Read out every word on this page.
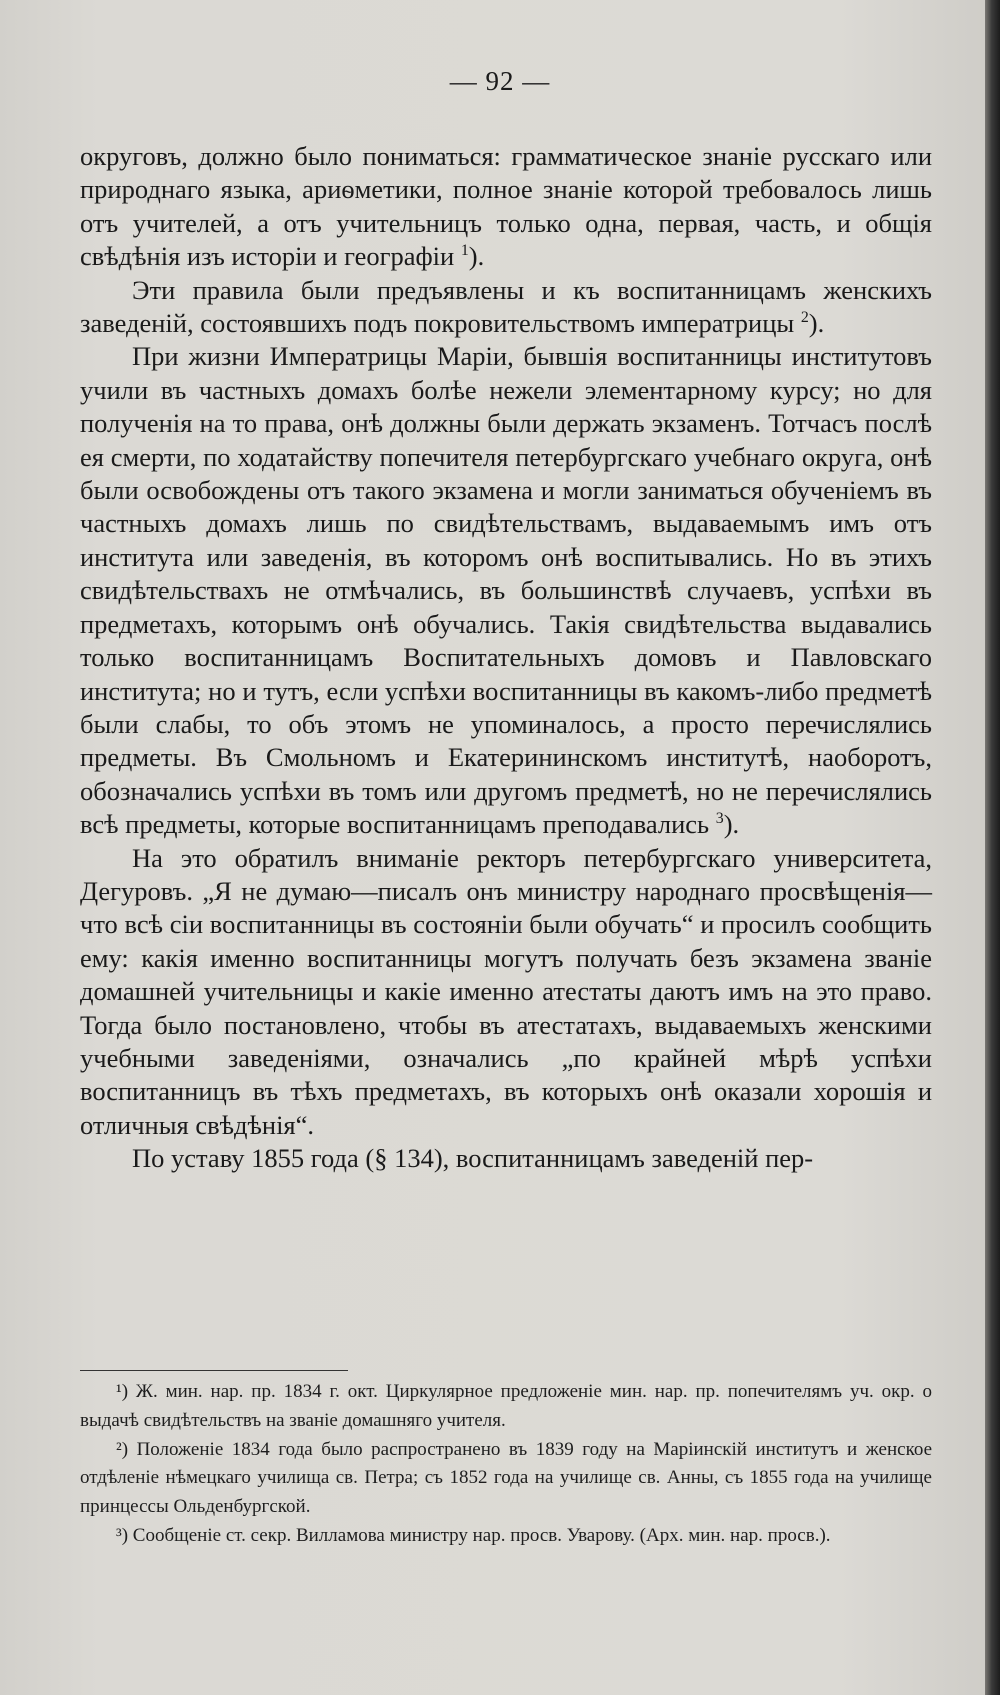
— 92 —

округовъ, должно было пониматься: грамматическое знаніе русскаго или природнаго языка, ариѳметики, полное знаніе которой требовалось лишь отъ учителей, а отъ учительницъ только одна, первая, часть, и общія свѣдѣнія изъ исторіи и географіи $^1$).

Эти правила были предъявлены и къ воспитанницамъ женскихъ заведеній, состоявшихъ подъ покровительствомъ императрицы $^2$).

При жизни Императрицы Маріи, бывшія воспитанницы институтовъ учили въ частныхъ домахъ болѣе нежели элементарному курсу; но для полученія на то права, онѣ должны были держать экзаменъ. Тотчасъ послѣ ея смерти, по ходатайству попечителя петербургскаго учебнаго округа, онѣ были освобождены отъ такого экзамена и могли заниматься обученіемъ въ частныхъ домахъ лишь по свидѣтельствамъ, выдаваемымъ имъ отъ института или заведенія, въ которомъ онѣ воспитывались. Но въ этихъ свидѣтельствахъ не отмѣчались, въ большинствѣ случаевъ, успѣхи въ предметахъ, которымъ онѣ обучались. Такія свидѣтельства выдавались только воспитанницамъ Воспитательныхъ домовъ и Павловскаго института; но и тутъ, если успѣхи воспитанницы въ какомъ-либо предметѣ были слабы, то объ этомъ не упоминалось, а просто перечислялись предметы. Въ Смольномъ и Екатерининскомъ институтѣ, наоборотъ, обозначались успѣхи въ томъ или другомъ предметѣ, но не перечислялись всѣ предметы, которые воспитанницамъ преподавались $^3$).

На это обратилъ вниманіе ректоръ петербургскаго университета, Дегуровъ. „Я не думаю—писалъ онъ министру народнаго просвѣщенія—что всѣ сіи воспитанницы въ состояніи были обучать“ и просилъ сообщить ему: какія именно воспитанницы могутъ получать безъ экзамена званіе домашней учительницы и какіе именно атестаты даютъ имъ на это право. Тогда было постановлено, чтобы въ атестатахъ, выдаваемыхъ женскими учебными заведеніями, означались „по крайней мѣрѣ успѣхи воспитанницъ въ тѣхъ предметахъ, въ которыхъ онѣ оказали хорошія и отличныя свѣдѣнія“.

По уставу 1855 года (§ 134), воспитанницамъ заведеній пер-

¹) Ж. мин. нар. пр. 1834 г. окт. Циркулярное предложеніе мин. нар. пр. попечителямъ уч. окр. о выдачѣ свидѣтельствъ на званіе домашняго учителя.

²) Положеніе 1834 года было распространено въ 1839 году на Маріинскій институтъ и женское отдѣленіе нѣмецкаго училища св. Петра; съ 1852 года на училище св. Анны, съ 1855 года на училище принцессы Ольденбургской.

³) Сообщеніе ст. секр. Вилламова министру нар. просв. Уварову. (Арх. мин. нар. просв.).
